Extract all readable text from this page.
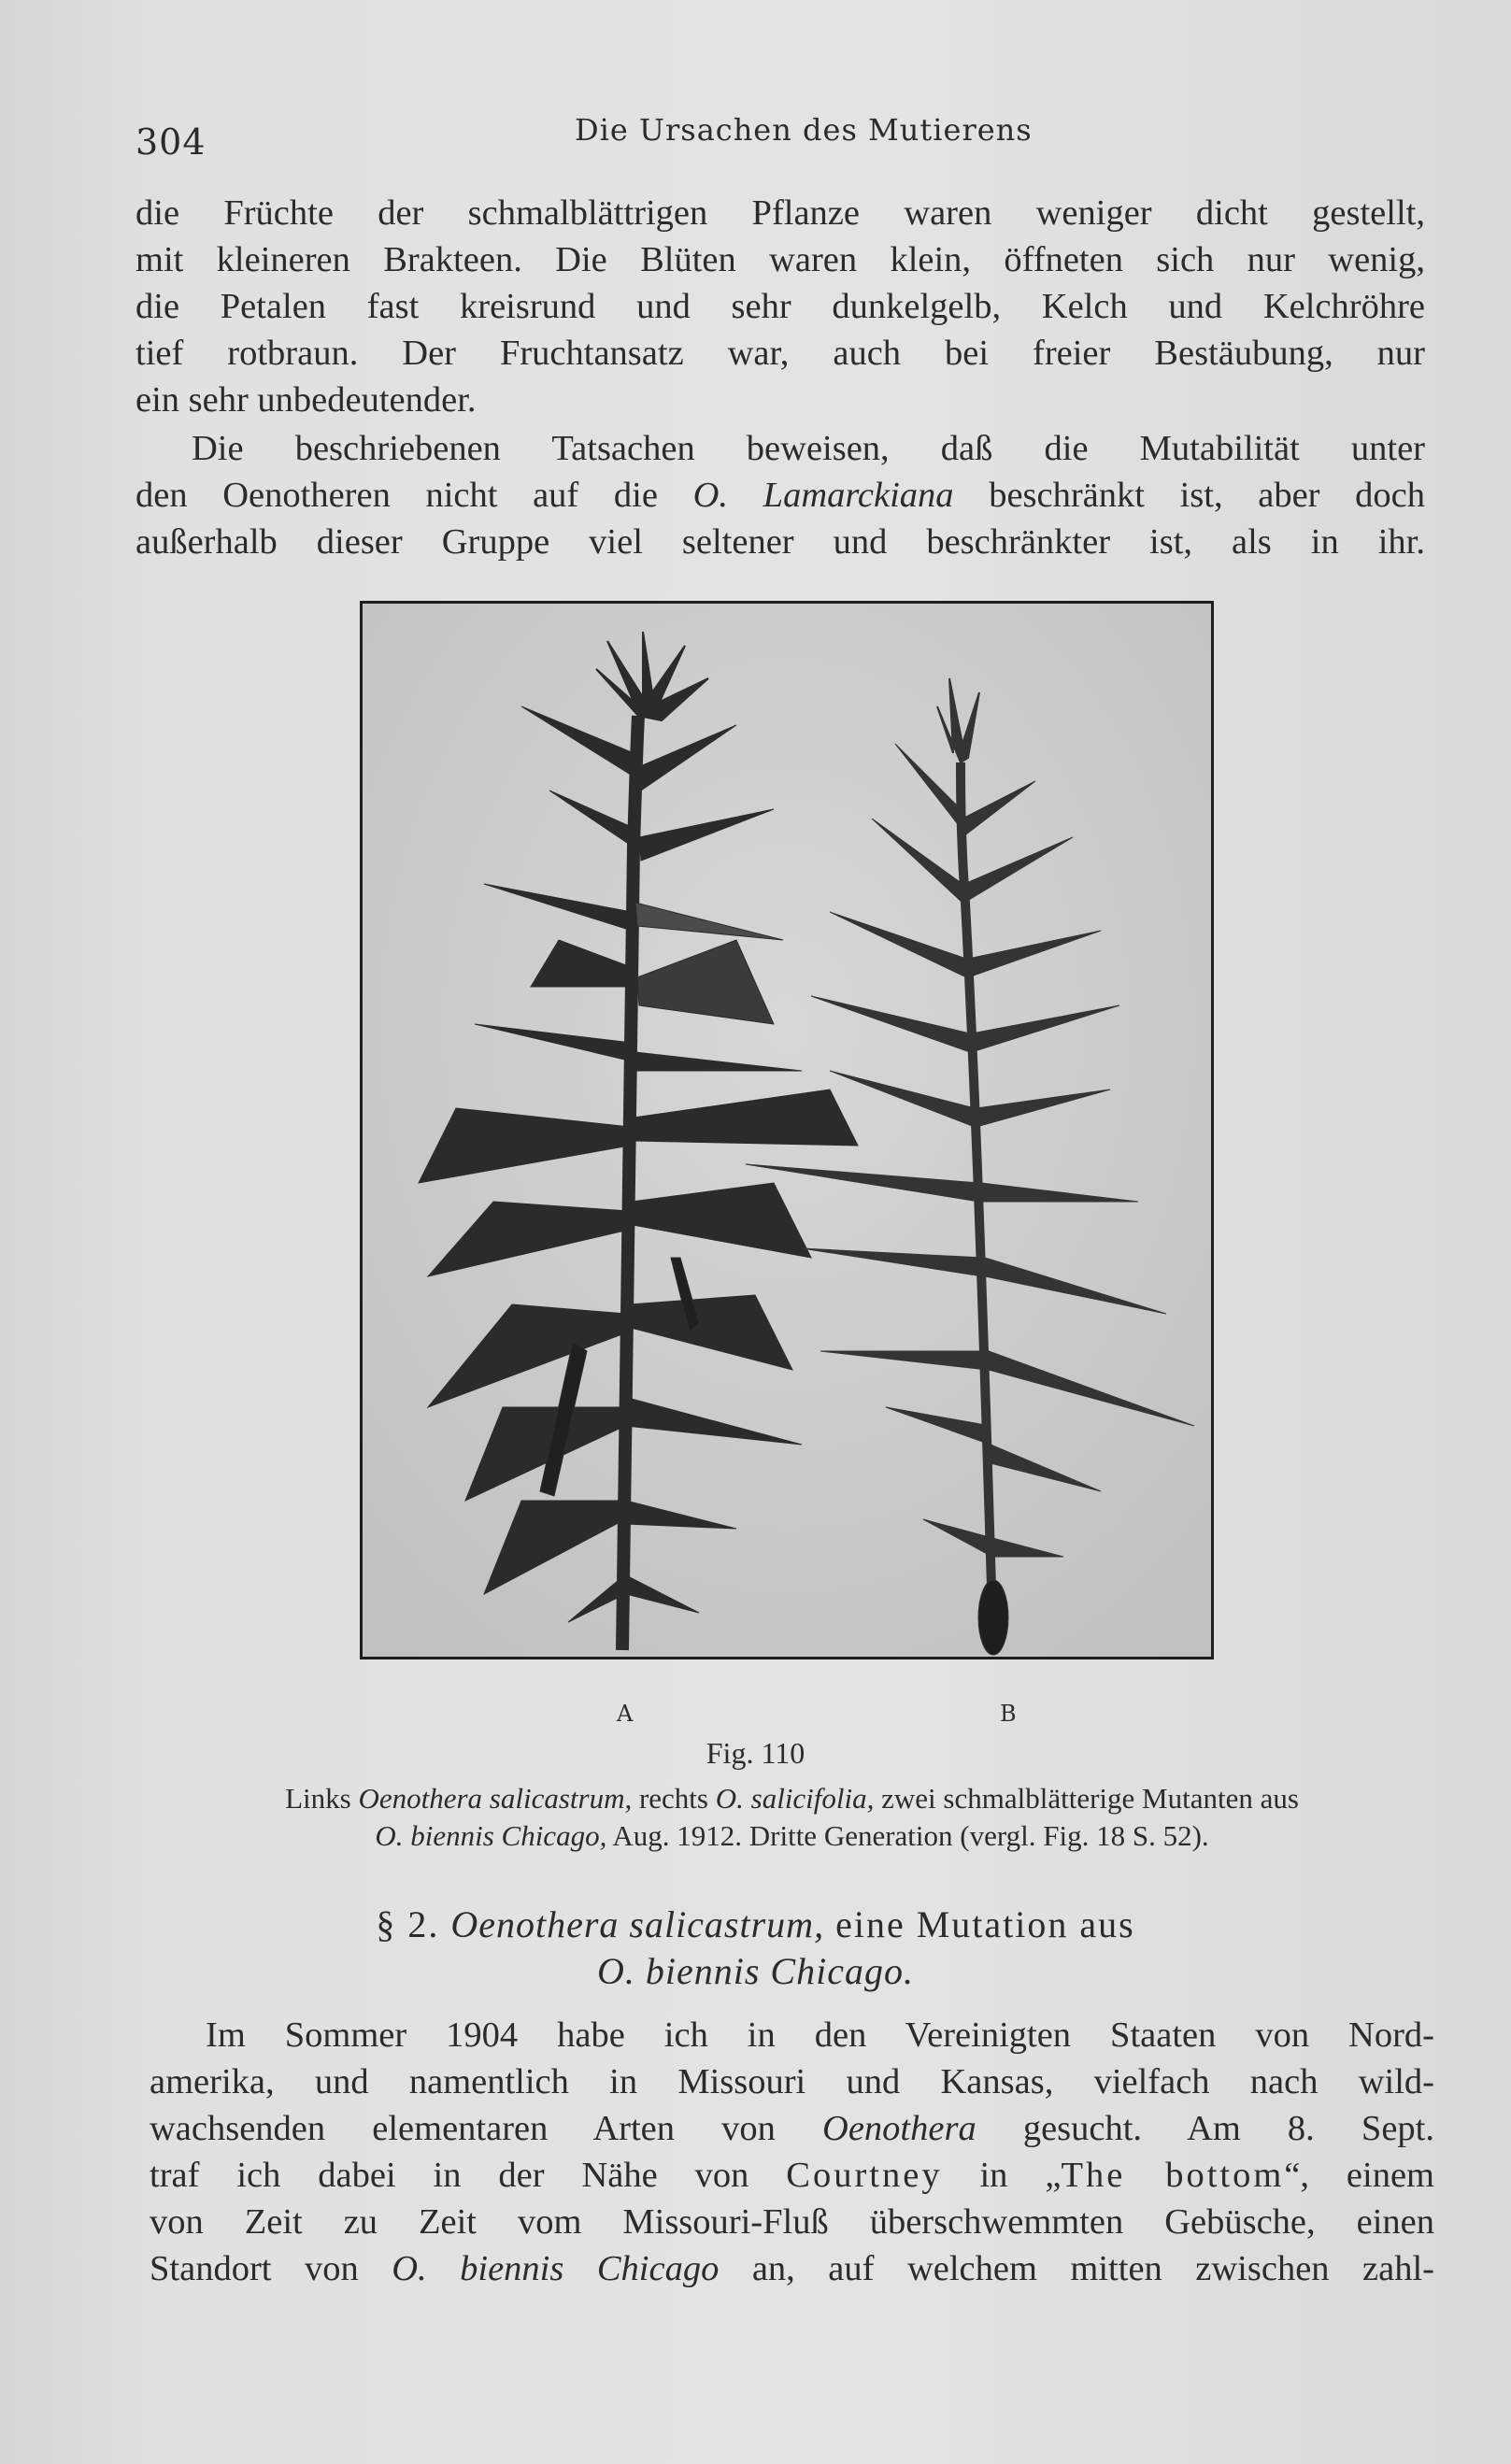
304	Die Ursachen des Mutierens
die Früchte der schmalblättrigen Pflanze waren weniger dicht gestellt,
mit kleineren Brakteen. Die Blüten waren klein, öffneten sich nur wenig,
die Petalen fast kreisrund und sehr dunkelgelb, Kelch und Kelchröhre
tief rotbraun. Der Fruchtansatz war, auch bei freier Bestäubung, nur
ein sehr unbedeutender.
Die beschriebenen Tatsachen beweisen, daß die Mutabilität unter
den Oenotheren nicht auf die O. Lamarckiana beschränkt ist, aber doch
außerhalb dieser Gruppe viel seltener und beschränkter ist, als in ihr.
A	B
Fig. 110
Links Oenothera salicastrum, rechts O. salicifolia, zwei schmalblätterige Mutanten aus
O. biennis Chicago, Aug. 1912. Dritte Generation (vergl. Fig. 18 S. 52).
§ 2. Oenothera salicastrum, eine Mutation aus
O. biennis Chicago.
Im Sommer 1904 habe ich in den Vereinigten Staaten von Nord-
amerika, und namentlich in Missouri und Kansas, vielfach nach wild-
wachsenden elementaren Arten von Oenothera gesucht. Am 8. Sept.
traf ich dabei in der Nähe von Courtney in „The bottom“, einem
von Zeit zu Zeit vom Missouri-Fluß überschwemmten Gebüsche, einen
Standort von O. biennis Chicago an, auf welchem mitten zwischen zahl-
